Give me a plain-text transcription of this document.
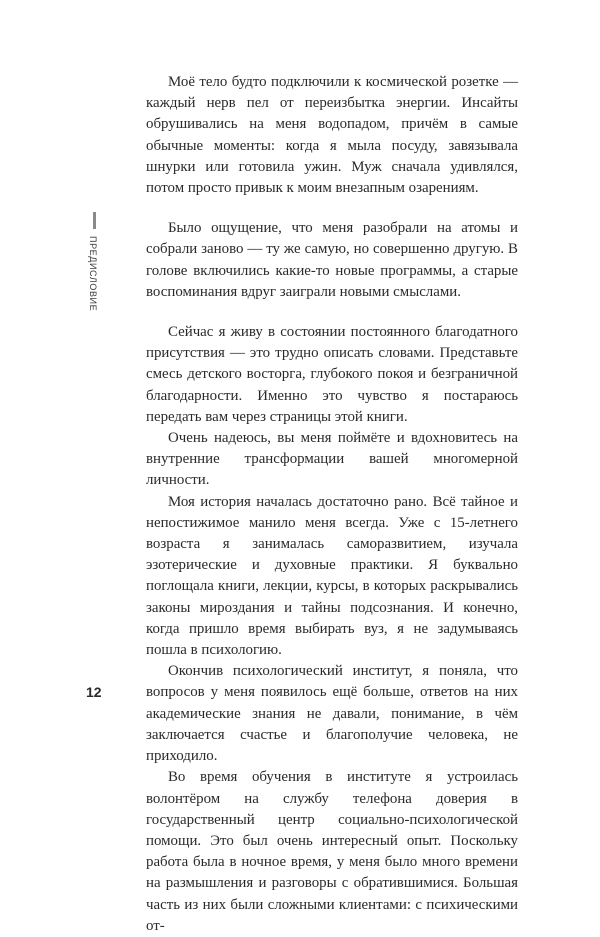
ПРЕДИСЛОВИЕ

Моё тело будто подключили к космической розетке — каждый нерв пел от переизбытка энергии. Инсайты обрушивались на меня водопадом, причём в самые обычные моменты: когда я мыла посуду, завязывала шнурки или готовила ужин. Муж сначала удивлялся, потом просто привык к моим внезапным озарениям.

Было ощущение, что меня разобрали на атомы и собрали заново — ту же самую, но совершенно другую. В голове включились какие-то новые программы, а старые воспоминания вдруг заиграли новыми смыслами.

Сейчас я живу в состоянии постоянного благодатного присутствия — это трудно описать словами. Представьте смесь детского восторга, глубокого покоя и безграничной благодарности. Именно это чувство я постараюсь передать вам через страницы этой книги.

Очень надеюсь, вы меня поймёте и вдохновитесь на внутренние трансформации вашей многомерной личности.

Моя история началась достаточно рано. Всё тайное и непостижимое манило меня всегда. Уже с 15-летнего возраста я занималась саморазвитием, изучала эзотерические и духовные практики. Я буквально поглощала книги, лекции, курсы, в которых раскрывались законы мироздания и тайны подсознания. И конечно, когда пришло время выбирать вуз, я не задумываясь пошла в психологию.

Окончив психологический институт, я поняла, что вопросов у меня появилось ещё больше, ответов на них академические знания не давали, понимание, в чём заключается счастье и благополучие человека, не приходило.

Во время обучения в институте я устроилась волонтёром на службу телефона доверия в государственный центр социально-психологической помощи. Это был очень интересный опыт. Поскольку работа была в ночное время, у меня было много времени на размышления и разговоры с обратившимися. Большая часть из них были сложными клиентами: с психическими от-

12
